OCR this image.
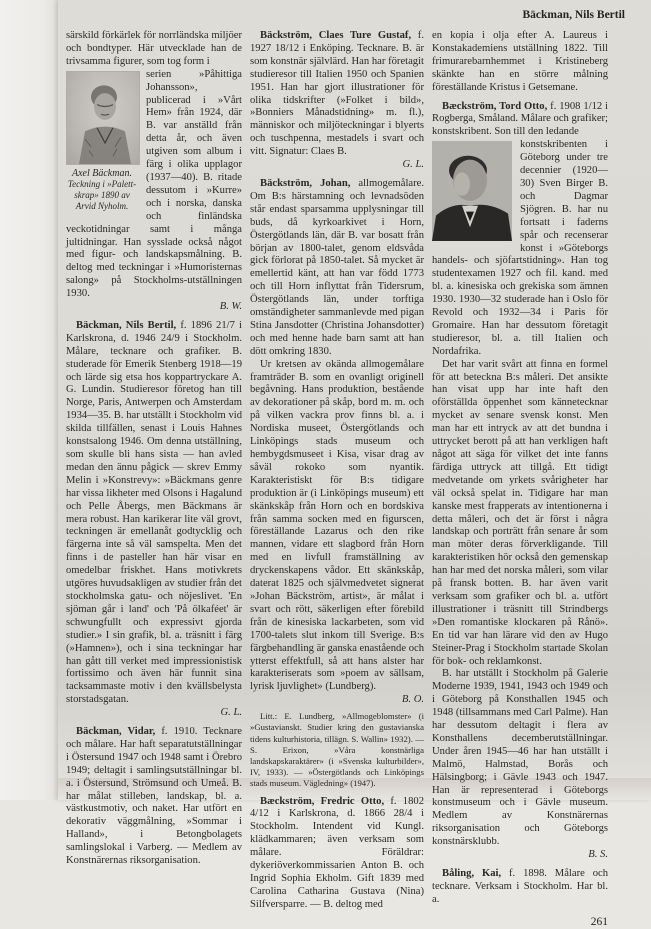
Bäckman, Nils Bertil

särskild förkärlek för norrländska miljöer och bondtyper. Här utvecklade han de trivsamma figurer, som tog form i

Axel Bäckman.
Teckning i »Palett-skrap» 1890 av Arvid Nyholm.

serien »Påhittiga Johansson», publicerad i »Vårt Hem» från 1924, där B. var anställd från detta år, och även utgiven som album i färg i olika upplagor (1937—40). B. ritade dessutom i »Kurre» och i norska, danska och finländska veckotidningar samt i många jultidningar. Han sysslade också något med figur- och landskapsmålning. B. deltog med teckningar i »Humoristernas salong» på Stockholms-utställningen 1930.

B. W.

Bäckman, Nils Bertil, f. 1896 21/7 i Karlskrona, d. 1946 24/9 i Stockholm. Målare, tecknare och grafiker. B. studerade för Emerik Stenberg 1918—19 och lärde sig etsa hos koppartryckare A. G. Lundin. Studieresor företog han till Norge, Paris, Antwerpen och Amsterdam 1934—35. B. har utställt i Stockholm vid skilda tillfällen, senast i Louis Hahnes konstsalong 1946. Om denna utställning, som skulle bli hans sista — han avled medan den ännu pågick — skrev Emmy Melin i »Konstrevy»: »Bäckmans genre har vissa likheter med Olsons i Hagalund och Pelle Åbergs, men Bäckmans är mera robust. Han karikerar lite väl grovt, teckningen är emellanåt godtycklig och färgerna inte så väl samspelta. Men det finns i de pasteller han här visar en omedelbar friskhet. Hans motivkrets utgöres huvudsakligen av studier från det stockholmska gatu- och nöjeslivet. 'En sjöman går i land' och 'På ölkaféet' är schwungfullt och expressivt gjorda studier.» I sin grafik, bl. a. träsnitt i färg (»Hamnen»), och i sina teckningar har han gått till verket med impressionistisk fortissimo och även här funnit sina tacksammaste motiv i den kvällsbelysta storstadsgatan.

G. L.

Bäckman, Vidar, f. 1910. Tecknare och målare. Har haft separatutställningar i Östersund 1947 och 1948 samt i Örebro 1949; deltagit i samlingsutställningar bl. a. i Östersund, Strömsund och Umeå. B. har målat stilleben, landskap, bl. a. västkustmotiv, och naket. Har utfört en dekorativ väggmålning, »Sommar i Halland», i Betongbolagets samlingslokal i Varberg. — Medlem av Konstnärernas riksorganisation.

Bäckström, Claes Ture Gustaf, f. 1927 18/12 i Enköping. Tecknare. B. är som konstnär självlärd. Han har företagit studieresor till Italien 1950 och Spanien 1951. Han har gjort illustrationer för olika tidskrifter (»Folket i bild», »Bonniers Månadstidning» m. fl.), människor och miljöteckningar i blyerts och tuschpenna, mestadels i svart och vitt. Signatur: Claes B.

G. L.

Bäckström, Johan, allmogemålare. Om B:s härstamning och levnadsöden står endast sparsamma upplysningar till buds, då kyrkoarkivet i Horn, Östergötlands län, där B. var bosatt från början av 1800-talet, genom eldsvåda gick förlorat på 1850-talet. Så mycket är emellertid känt, att han var född 1773 och till Horn inflyttat från Tidersrum, Östergötlands län, under torftiga omständigheter sammanlevde med pigan Stina Jansdotter (Christina Johansdotter) och med henne hade barn samt att han dött omkring 1830.

Ur kretsen av okända allmogemålare framträder B. som en ovanligt originell begåvning. Hans produktion, bestående av dekorationer på skåp, bord m. m. och på vilken vackra prov finns bl. a. i Nordiska museet, Östergötlands och Linköpings stads museum och hembygdsmuseet i Kisa, visar drag av såväl rokoko som nyantik. Karakteristiskt för B:s tidigare produktion är (i Linköpings museum) ett skänkskåp från Horn och en bordskiva från samma socken med en figurscen, föreställande Lazarus och den rike mannen, vidare ett slagbord från Horn med en livfull framställning av dryckenskapens vådor. Ett skänkskåp, daterat 1825 och självmedvetet signerat »Johan Bäckström, artist», är målat i svart och rött, säkerligen efter förebild från de kinesiska lackarbeten, som vid 1700-talets slut inkom till Sverige. B:s färgbehandling är ganska enastående och ytterst effektfull, så att hans alster har karakteriserats som »poem av sällsam, lyrisk ljuvlighet» (Lundberg).

B. O.

Litt.: E. Lundberg, »Allmogeblomster» (i »Gustavianskt. Studier kring den gustavianska tidens kulturhistoria, tillägn. S. Wallin» 1932). — S. Erixon, »Våra konstnärliga landskapskaraktärer» (i »Svenska kulturbilder», IV, 1933). — »Östergötlands och Linköpings stads museum. Vägledning» (1947).

Bæckström, Fredric Otto, f. 1802 4/12 i Karlskrona, d. 1866 28/4 i Stockholm. Intendent vid Kungl. klädkammaren; även verksam som målare. Föräldrar: dykeriöverkommissarien Anton B. och Ingrid Sophia Ekholm. Gift 1839 med Carolina Catharina Gustava (Nina) Silfversparre. — B. deltog med

en kopia i olja efter A. Laureus i Konstakademiens utställning 1822. Till frimurarebarnhemmet i Kristineberg skänkte han en större målning föreställande Kristus i Getsemane.

Bæckström, Tord Otto, f. 1908 1/12 i Rogberga, Småland. Målare och grafiker; konstskribent. Son till den ledande

konstskribenten i Göteborg under tre decennier (1920—30) Sven Birger B. och Dagmar Sjögren. B. har nu fortsatt i faderns spår och recenserar konst i »Göteborgs handels- och sjöfartstidning». Han tog studentexamen 1927 och fil. kand. med bl. a. kinesiska och grekiska som ämnen 1930. 1930—32 studerade han i Oslo för Revold och 1932—34 i Paris för Gromaire. Han har dessutom företagit studieresor, bl. a. till Italien och Nordafrika.

Det har varit svårt att finna en formel för att beteckna B:s måleri. Det ansikte han visat upp har inte haft den oförställda öppenhet som kännetecknar mycket av senare svensk konst. Men man har ett intryck av att det bundna i uttrycket berott på att han verkligen haft något att säga för vilket det inte fanns färdiga uttryck att tillgå. Ett tidigt medvetande om yrkets svårigheter har väl också spelat in. Tidigare har man kanske mest frapperats av intentionerna i detta måleri, och det är först i några landskap och porträtt från senare år som man möter deras förverkligande. Till karakteristiken hör också den gemenskap han har med det norska måleri, som vilar på fransk botten. B. har även varit verksam som grafiker och bl. a. utfört illustrationer i träsnitt till Strindbergs »Den romantiske klockaren på Rånö». En tid var han lärare vid den av Hugo Steiner-Prag i Stockholm startade Skolan för bok- och reklamkonst.

B. har utställt i Stockholm på Galerie Moderne 1939, 1941, 1943 och 1949 och i Göteborg på Konsthallen 1945 och 1948 (tillsammans med Carl Palme). Han har dessutom deltagit i flera av Konsthallens decemberutställningar. Under åren 1945—46 har han utställt i Malmö, Halmstad, Borås och Hälsingborg; i Gävle 1943 och 1947. Han är representerad i Göteborgs konstmuseum och i Gävle museum. Medlem av Konstnärernas riksorganisation och Göteborgs konstnärsklubb.

B. S.

Båling, Kai, f. 1898. Målare och tecknare. Verksam i Stockholm. Har bl. a.

261
